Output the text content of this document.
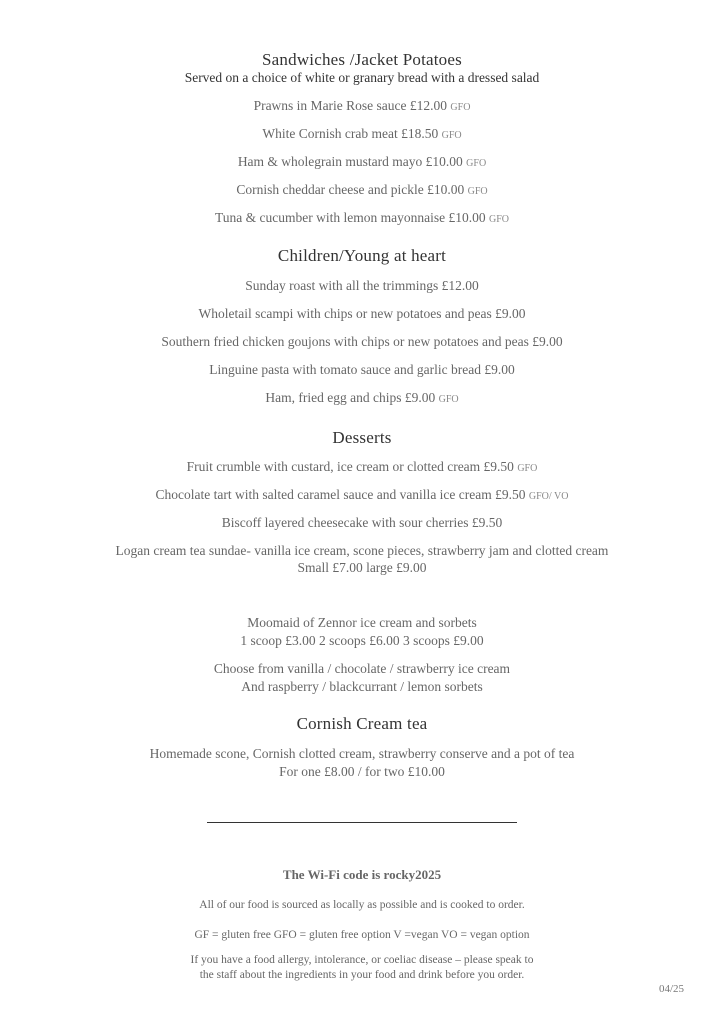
Sandwiches /Jacket Potatoes
Served on a choice of white or granary bread with a dressed salad
Prawns in Marie Rose sauce £12.00 GFO
White Cornish crab meat £18.50 GFO
Ham & wholegrain mustard mayo £10.00 GFO
Cornish cheddar cheese and pickle £10.00 GFO
Tuna & cucumber with lemon mayonnaise £10.00 GFO
Children/Young at heart
Sunday roast with all the trimmings £12.00
Wholetail scampi with chips or new potatoes and peas £9.00
Southern fried chicken goujons with chips or new potatoes and peas £9.00
Linguine pasta with tomato sauce and garlic bread £9.00
Ham, fried egg and chips £9.00 GFO
Desserts
Fruit crumble with custard, ice cream or clotted cream £9.50 GFO
Chocolate tart with salted caramel sauce and vanilla ice cream £9.50 GFO/ VO
Biscoff layered cheesecake with sour cherries £9.50
Logan cream tea sundae- vanilla ice cream, scone pieces, strawberry jam and clotted cream
Small £7.00 large £9.00
Moomaid of Zennor ice cream and sorbets
1 scoop £3.00 2 scoops £6.00 3 scoops £9.00
Choose from vanilla / chocolate / strawberry ice cream
And raspberry / blackcurrant / lemon sorbets
Cornish Cream tea
Homemade scone, Cornish clotted cream, strawberry conserve and a pot of tea
For one £8.00 / for two £10.00
The Wi-Fi code is rocky2025
All of our food is sourced as locally as possible and is cooked to order.
GF = gluten free GFO = gluten free option V =vegan VO = vegan option
If you have a food allergy, intolerance, or coeliac disease – please speak to
the staff about the ingredients in your food and drink before you order.
04/25
